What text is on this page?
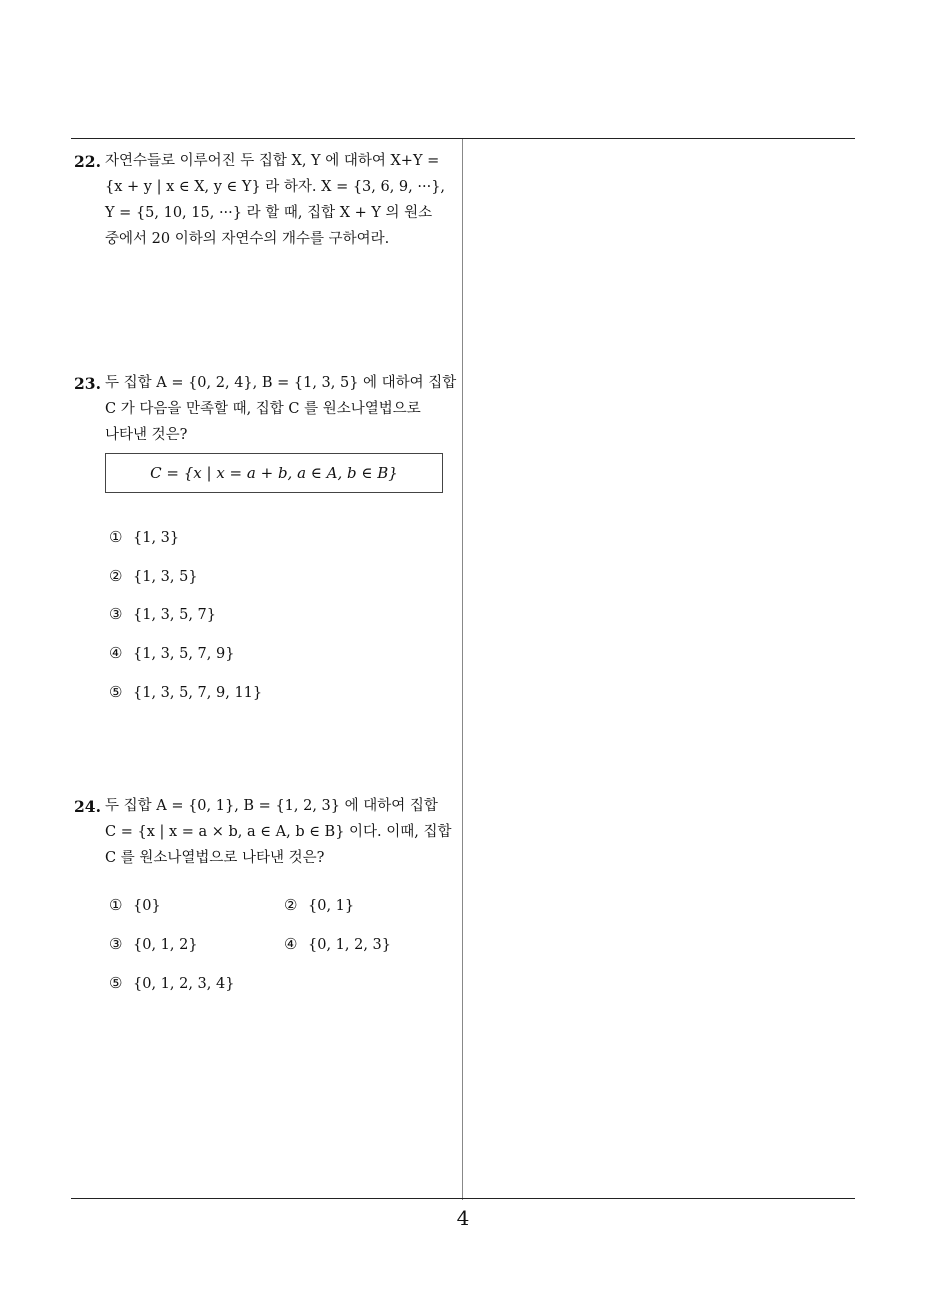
22. 자연수들로 이루어진 두 집합 X, Y 에 대하여 X+Y =
{x + y | x ∈ X, y ∈ Y} 라 하자. X = {3, 6, 9, ···},
Y = {5, 10, 15, ···} 라 할 때, 집합 X + Y 의 원소
중에서 20 이하의 자연수의 개수를 구하여라.
23. 두 집합 A = {0, 2, 4}, B = {1, 3, 5} 에 대하여 집합
C 가 다음을 만족할 때, 집합 C 를 원소나열법으로
나타낸 것은?
C = {x | x = a + b, a ∈ A, b ∈ B}
① {1, 3}
② {1, 3, 5}
③ {1, 3, 5, 7}
④ {1, 3, 5, 7, 9}
⑤ {1, 3, 5, 7, 9, 11}
24. 두 집합 A = {0, 1}, B = {1, 2, 3} 에 대하여 집합
C = {x | x = a × b, a ∈ A, b ∈ B} 이다. 이때, 집합
C 를 원소나열법으로 나타낸 것은?
① {0}	② {0, 1}
③ {0, 1, 2}	④ {0, 1, 2, 3}
⑤ {0, 1, 2, 3, 4}
4
